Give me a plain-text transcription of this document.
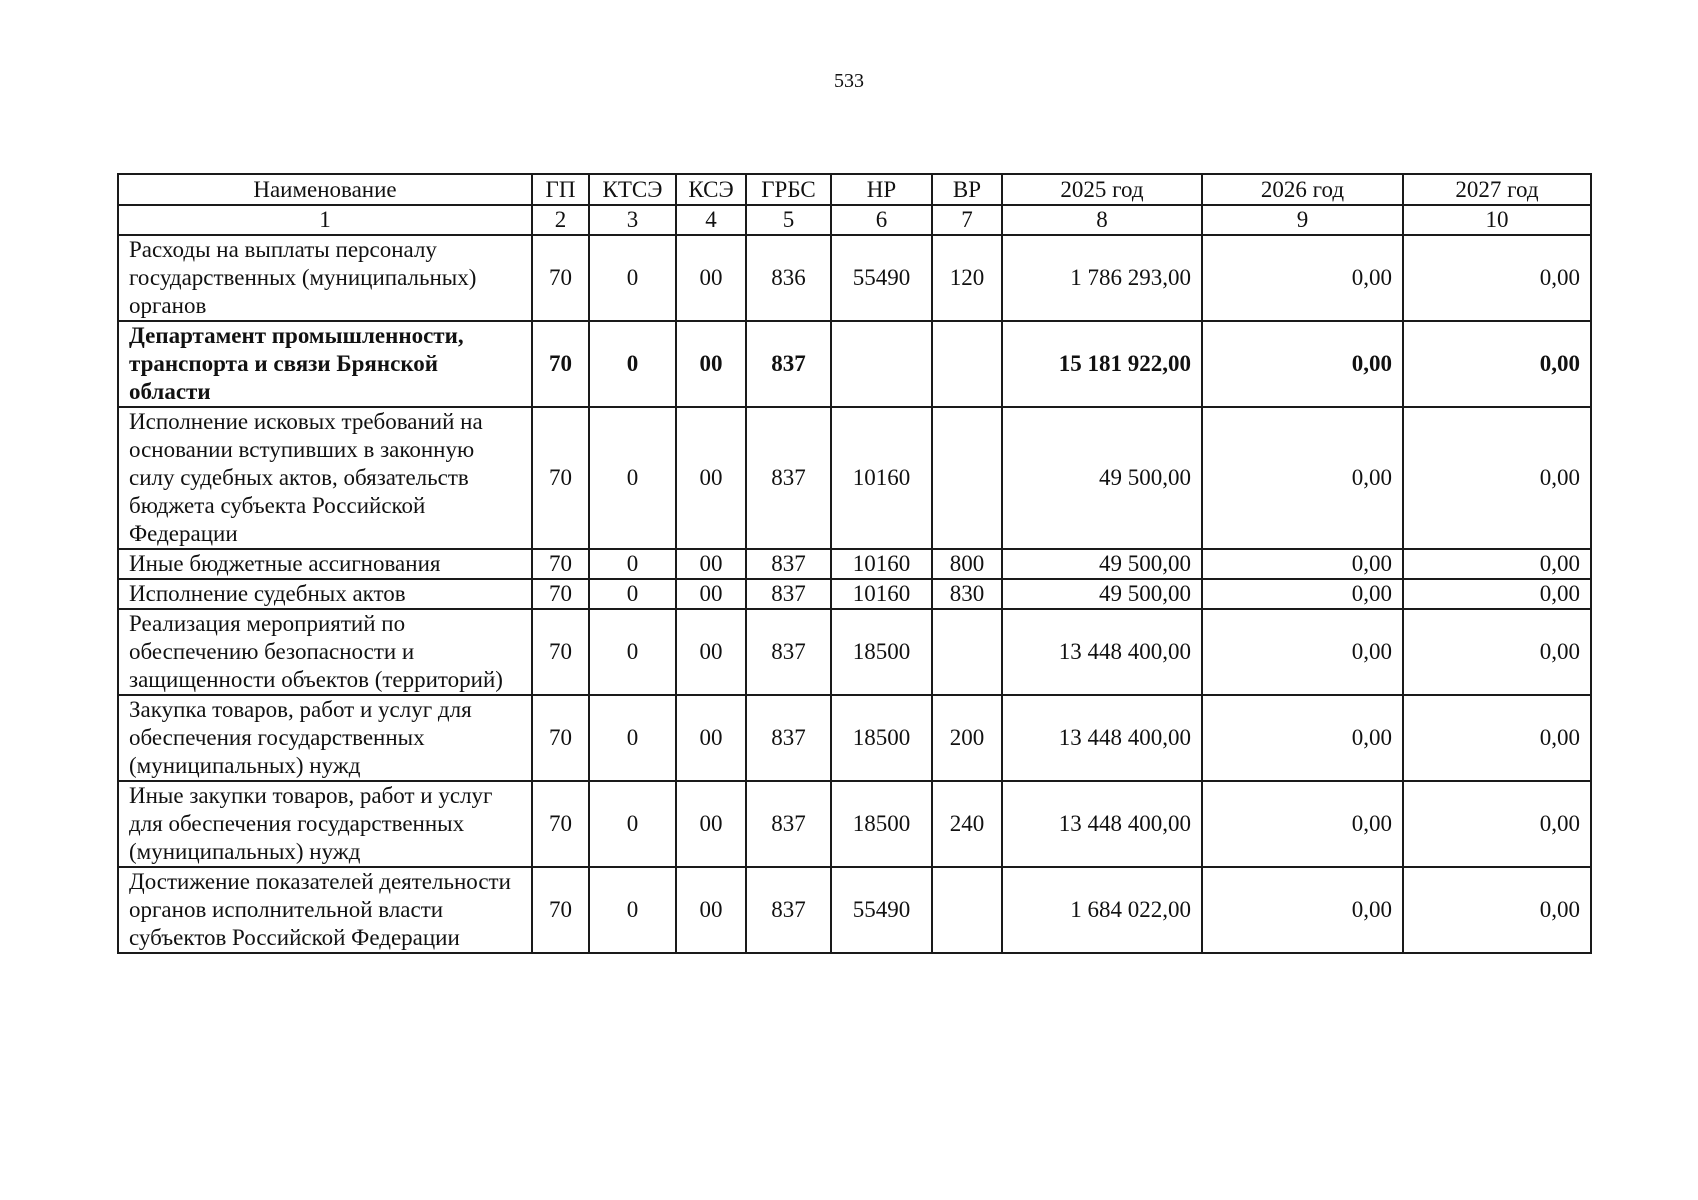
533
Наименование	ГП	КТСЭ	КСЭ	ГРБС	НР	ВР	2025 год	2026 год	2027 год
1	2	3	4	5	6	7	8	9	10
Расходы на выплаты персоналу государственных (муниципальных) органов	70	0	00	836	55490	120	1 786 293,00	0,00	0,00
Департамент промышленности, транспорта и связи Брянской области	70	0	00	837			15 181 922,00	0,00	0,00
Исполнение исковых требований на основании вступивших в законную силу судебных актов, обязательств бюджета субъекта Российской Федерации	70	0	00	837	10160		49 500,00	0,00	0,00
Иные бюджетные ассигнования	70	0	00	837	10160	800	49 500,00	0,00	0,00
Исполнение судебных актов	70	0	00	837	10160	830	49 500,00	0,00	0,00
Реализация мероприятий по обеспечению безопасности и защищенности объектов (территорий)	70	0	00	837	18500		13 448 400,00	0,00	0,00
Закупка товаров, работ и услуг для обеспечения государственных (муниципальных) нужд	70	0	00	837	18500	200	13 448 400,00	0,00	0,00
Иные закупки товаров, работ и услуг для обеспечения государственных (муниципальных) нужд	70	0	00	837	18500	240	13 448 400,00	0,00	0,00
Достижение показателей деятельности органов исполнительной власти субъектов Российской Федерации	70	0	00	837	55490		1 684 022,00	0,00	0,00
